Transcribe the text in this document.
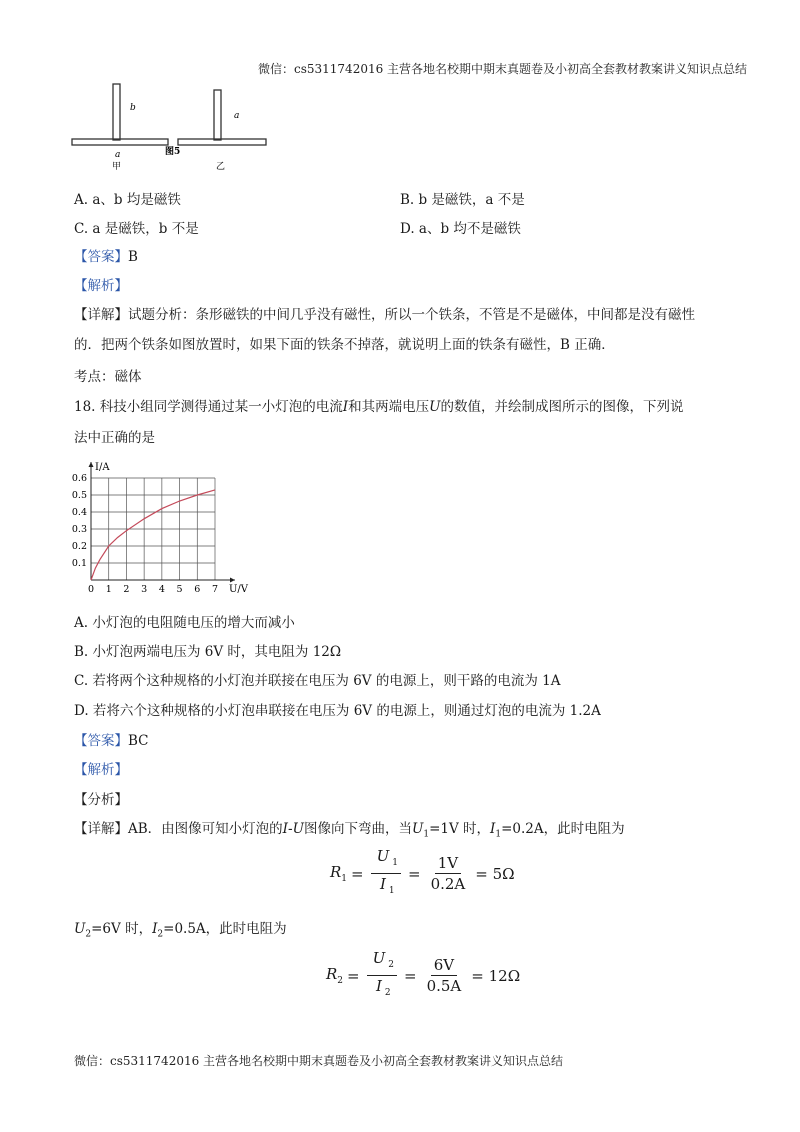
微信：cs5311742016 主营各地名校期中期末真题卷及小初高全套教材教案讲义知识点总结
b
a
甲
a
乙
图5
A. a、b 均是磁铁	B. b 是磁铁，a 不是
C. a 是磁铁，b 不是	D. a、b 均不是磁铁
【答案】B
【解析】
【详解】试题分析：条形磁铁的中间几乎没有磁性，所以一个铁条，不管是不是磁体，中间都是没有磁性
的．把两个铁条如图放置时，如果下面的铁条不掉落，就说明上面的铁条有磁性，B 正确．
考点：磁体
18. 科技小组同学测得通过某一小灯泡的电流I和其两端电压U的数值，并绘制成图所示的图像，下列说
法中正确的是
0 1 2 3 4 5 6 7
0.1
0.2
0.3
0.4
0.5
0.6
I/A
U/V
A. 小灯泡的电阻随电压的增大而减小
B. 小灯泡两端电压为 6V 时，其电阻为 12Ω
C. 若将两个这种规格的小灯泡并联接在电压为 6V 的电源上，则干路的电流为 1A
D. 若将六个这种规格的小灯泡串联接在电压为 6V 的电源上，则通过灯泡的电流为 1.2A
【答案】BC
【解析】
【分析】
【详解】AB．由图像可知小灯泡的I-U图像向下弯曲，当$U_1=1V$ 时，$I_1=0.2A$，此时电阻为
$R_1 = \frac{U _1}{I _1} = \frac{1V}{0.2A} = 5\Omega$
$U_2=6V$ 时，$I_2=0.5A$，此时电阻为
$R_2 = \frac{U _2}{I _2} = \frac{6V}{0.5A} = 12\Omega$
微信：cs5311742016 主营各地名校期中期末真题卷及小初高全套教材教案讲义知识点总结
